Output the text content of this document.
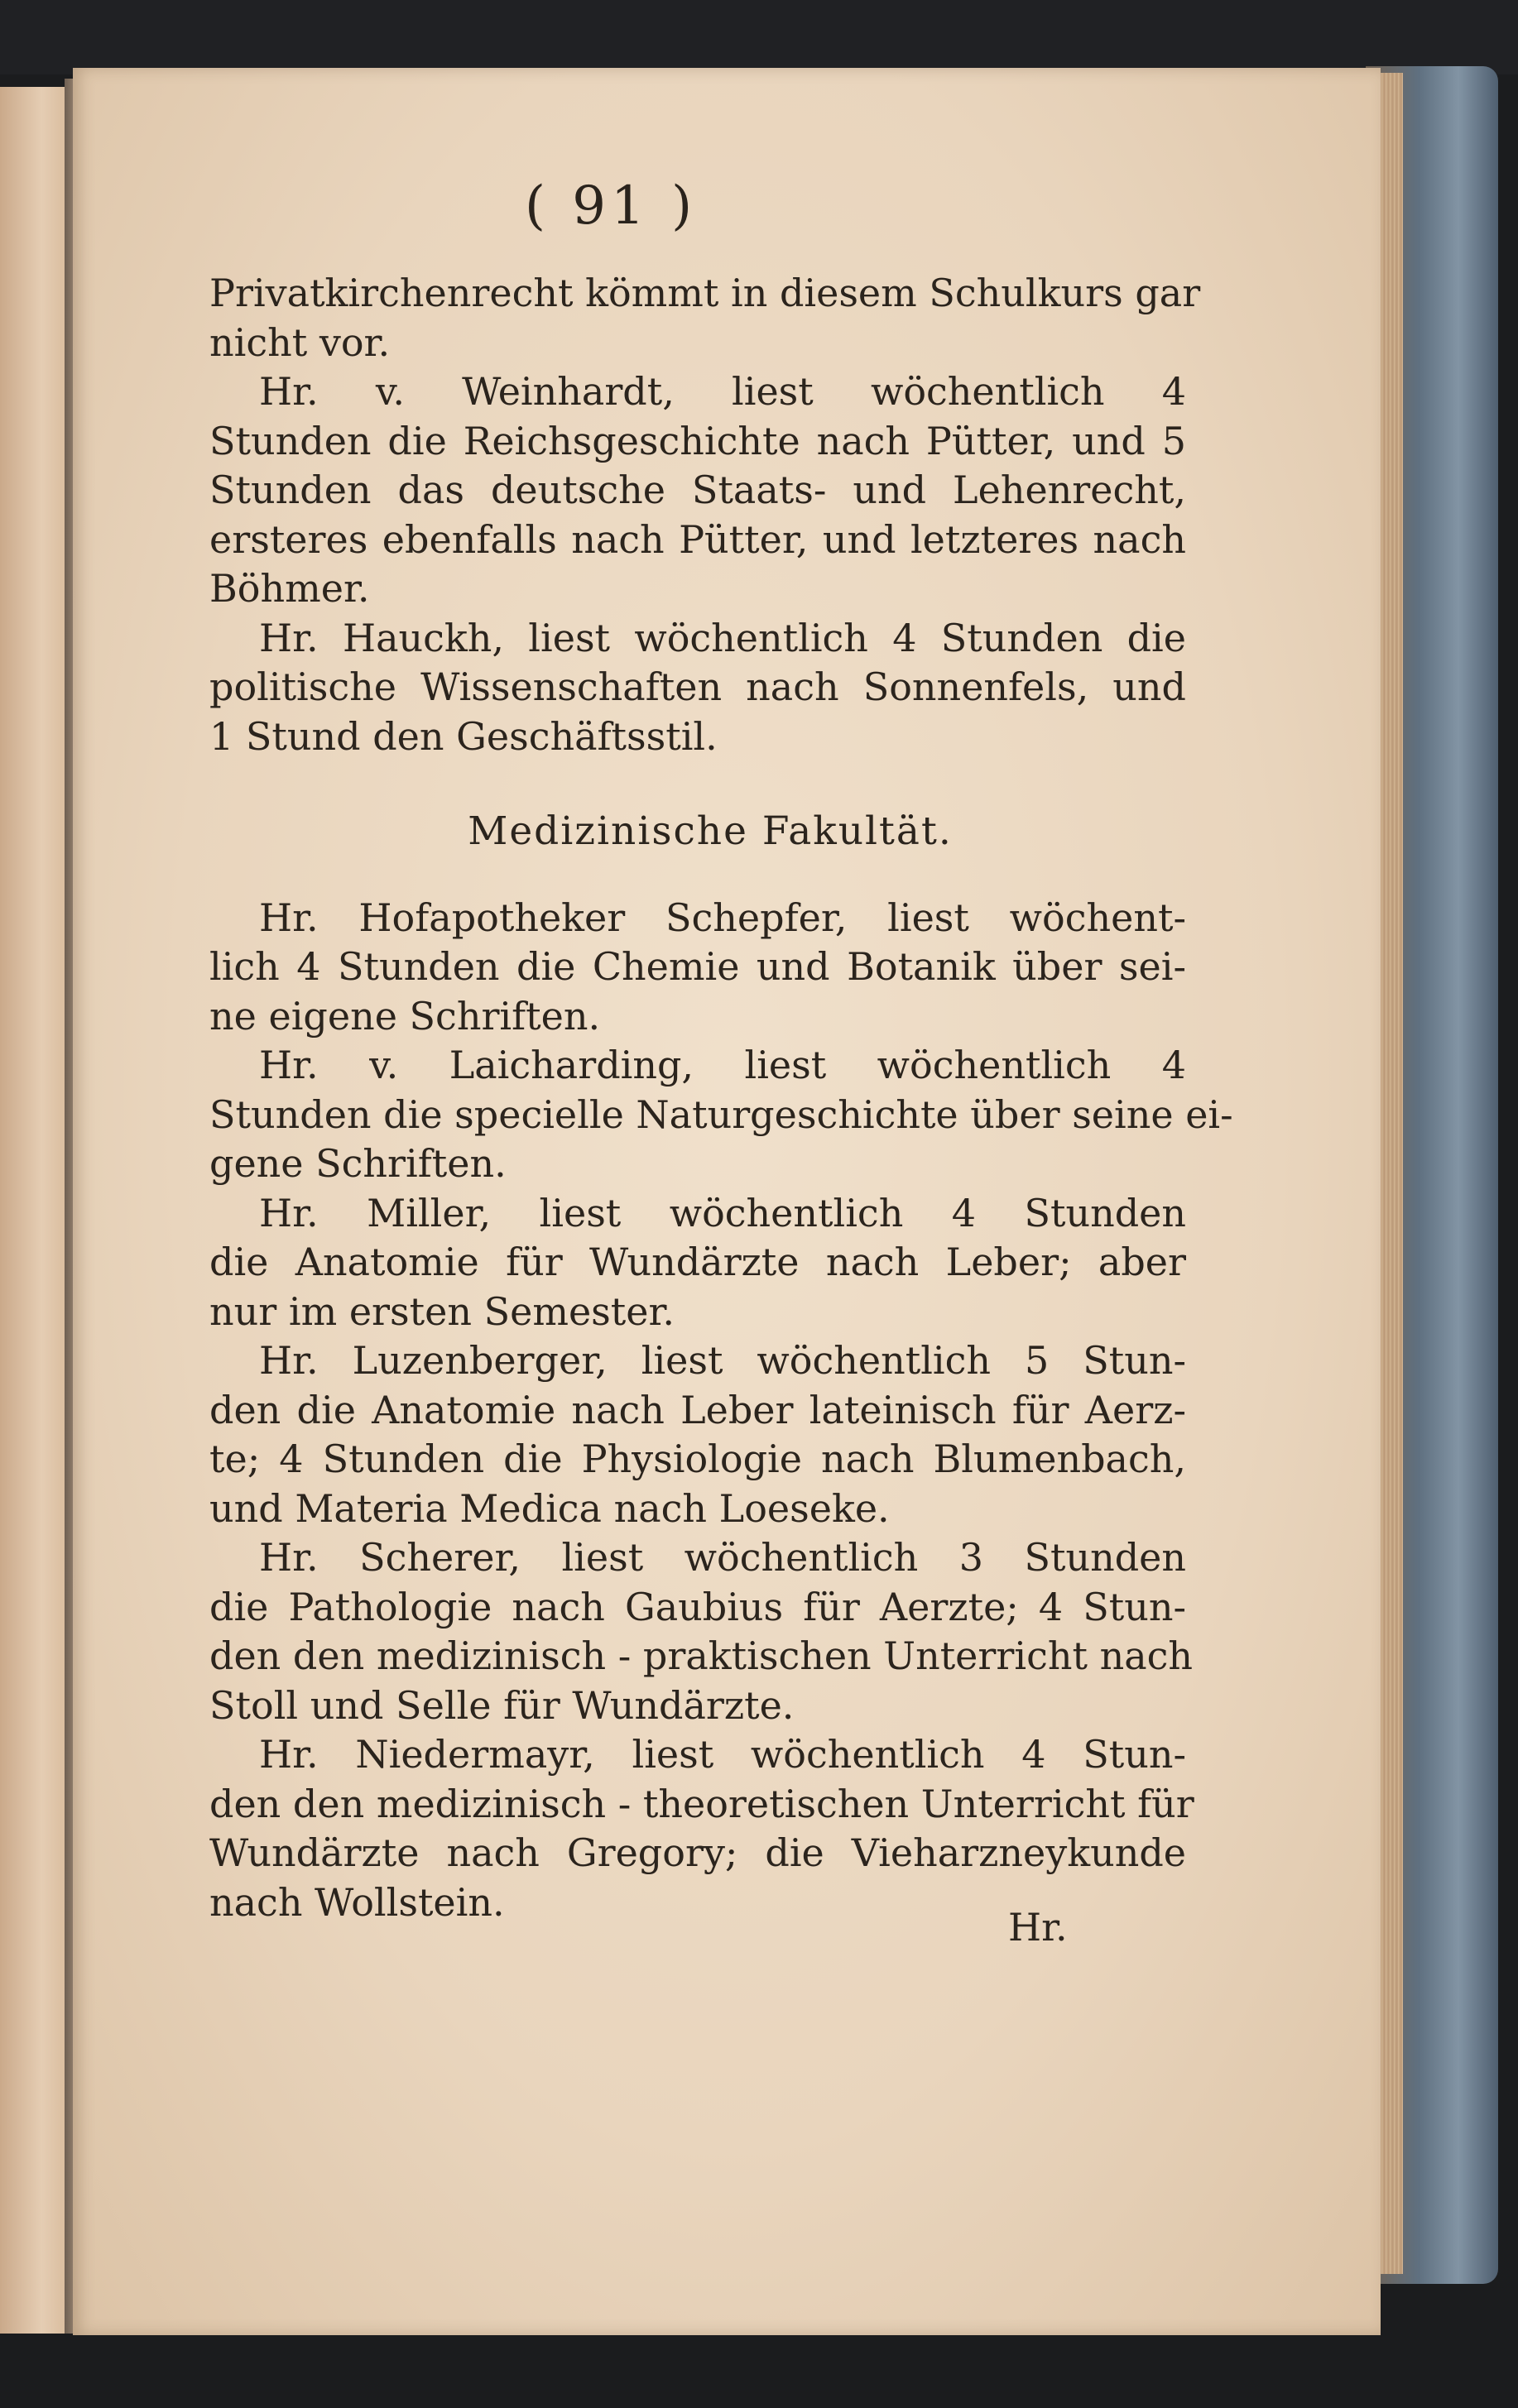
( 91 )
Privatkirchenrecht kömmt in diesem Schulkurs gar
nicht vor.
Hr. v. Weinhardt, liest wöchentlich 4
Stunden die Reichsgeschichte nach Pütter, und 5
Stunden das deutsche Staats- und Lehenrecht,
ersteres ebenfalls nach Pütter, und letzteres nach
Böhmer.
Hr. Hauckh, liest wöchentlich 4 Stunden die
politische Wissenschaften nach Sonnenfels, und
1 Stund den Geschäftsstil.
Medizinische Fakultät.
Hr. Hofapotheker Schepfer, liest wöchent-
lich 4 Stunden die Chemie und Botanik über sei-
ne eigene Schriften.
Hr. v. Laicharding, liest wöchentlich 4
Stunden die specielle Naturgeschichte über seine ei-
gene Schriften.
Hr. Miller, liest wöchentlich 4 Stunden
die Anatomie für Wundärzte nach Leber; aber
nur im ersten Semester.
Hr. Luzenberger, liest wöchentlich 5 Stun-
den die Anatomie nach Leber lateinisch für Aerz-
te; 4 Stunden die Physiologie nach Blumenbach,
und Materia Medica nach Loeseke.
Hr. Scherer, liest wöchentlich 3 Stunden
die Pathologie nach Gaubius für Aerzte; 4 Stun-
den den medizinisch - praktischen Unterricht nach
Stoll und Selle für Wundärzte.
Hr. Niedermayr, liest wöchentlich 4 Stun-
den den medizinisch - theoretischen Unterricht für
Wundärzte nach Gregory; die Vieharzneykunde
nach Wollstein.
Hr.
